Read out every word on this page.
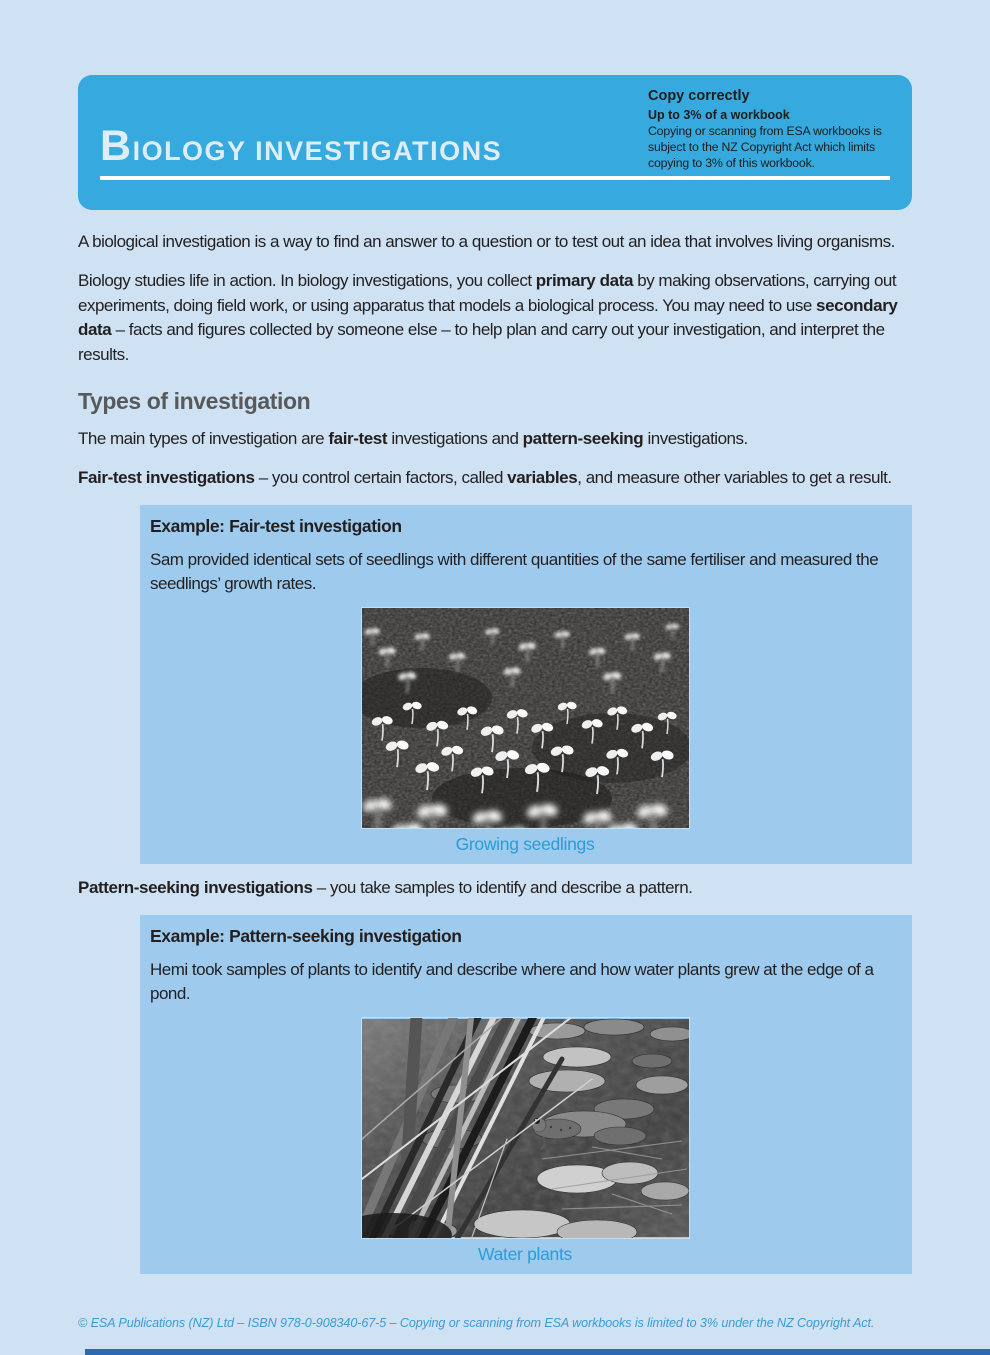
BIOLOGY INVESTIGATIONS
Copy correctly
Up to 3% of a workbook
Copying or scanning from ESA workbooks is subject to the NZ Copyright Act which limits copying to 3% of this workbook.

A biological investigation is a way to find an answer to a question or to test out an idea that involves living organisms.

Biology studies life in action. In biology investigations, you collect primary data by making observations, carrying out experiments, doing field work, or using apparatus that models a biological process. You may need to use secondary data – facts and figures collected by someone else – to help plan and carry out your investigation, and interpret the results.

Types of investigation

The main types of investigation are fair-test investigations and pattern-seeking investigations.

Fair-test investigations – you control certain factors, called variables, and measure other variables to get a result.

Example: Fair-test investigation

Sam provided identical sets of seedlings with different quantities of the same fertiliser and measured the seedlings’ growth rates.

Growing seedlings

Pattern-seeking investigations – you take samples to identify and describe a pattern.

Example: Pattern-seeking investigation

Hemi took samples of plants to identify and describe where and how water plants grew at the edge of a pond.

Water plants
© ESA Publications (NZ) Ltd – ISBN 978-0-908340-67-5 – Copying or scanning from ESA workbooks is limited to 3% under the NZ Copyright Act.
